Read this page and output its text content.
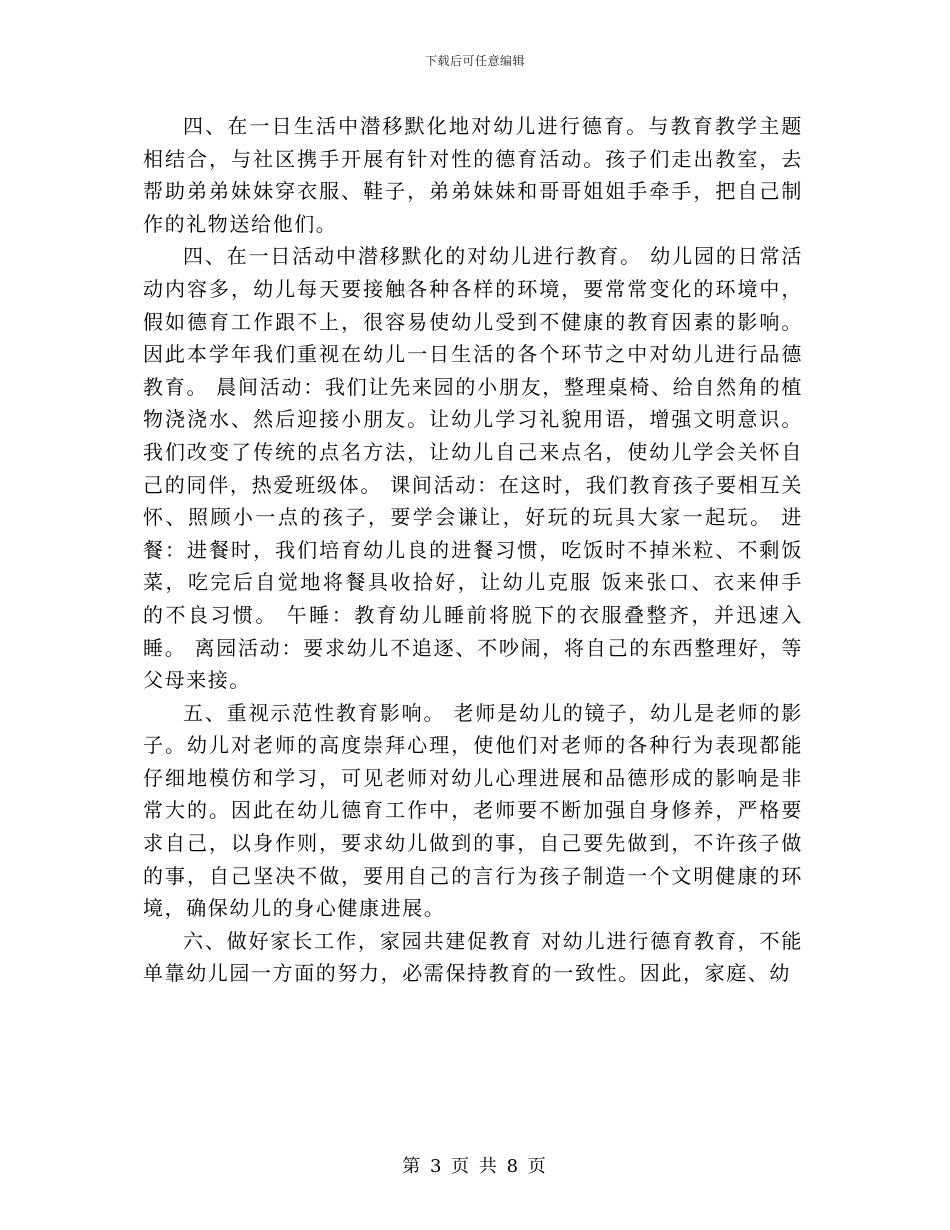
下载后可任意编辑

四、在一日生活中潜移默化地对幼儿进行德育。与教育教学主题相结合，与社区携手开展有针对性的德育活动。孩子们走出教室，去帮助弟弟妹妹穿衣服、鞋子，弟弟妹妹和哥哥姐姐手牵手，把自己制作的礼物送给他们。

四、在一日活动中潜移默化的对幼儿进行教育。 幼儿园的日常活动内容多，幼儿每天要接触各种各样的环境，要常常变化的环境中，假如德育工作跟不上，很容易使幼儿受到不健康的教育因素的影响。因此本学年我们重视在幼儿一日生活的各个环节之中对幼儿进行品德教育。 晨间活动：我们让先来园的小朋友，整理桌椅、给自然角的植物浇浇水、然后迎接小朋友。让幼儿学习礼貌用语，增强文明意识。我们改变了传统的点名方法，让幼儿自己来点名，使幼儿学会关怀自己的同伴，热爱班级体。 课间活动：在这时，我们教育孩子要相互关怀、照顾小一点的孩子，要学会谦让，好玩的玩具大家一起玩。 进餐：进餐时，我们培育幼儿良的进餐习惯，吃饭时不掉米粒、不剩饭菜，吃完后自觉地将餐具收拾好，让幼儿克服 饭来张口、衣来伸手 的不良习惯。 午睡：教育幼儿睡前将脱下的衣服叠整齐，并迅速入睡。 离园活动：要求幼儿不追逐、不吵闹，将自己的东西整理好，等父母来接。

五、重视示范性教育影响。 老师是幼儿的镜子，幼儿是老师的影子。幼儿对老师的高度崇拜心理，使他们对老师的各种行为表现都能仔细地模仿和学习，可见老师对幼儿心理进展和品德形成的影响是非常大的。因此在幼儿德育工作中，老师要不断加强自身修养，严格要求自己，以身作则，要求幼儿做到的事，自己要先做到，不许孩子做的事，自己坚决不做，要用自己的言行为孩子制造一个文明健康的环境，确保幼儿的身心健康进展。

六、做好家长工作，家园共建促教育 对幼儿进行德育教育，不能单靠幼儿园一方面的努力，必需保持教育的一致性。因此，家庭、幼

第 3 页 共 8 页
